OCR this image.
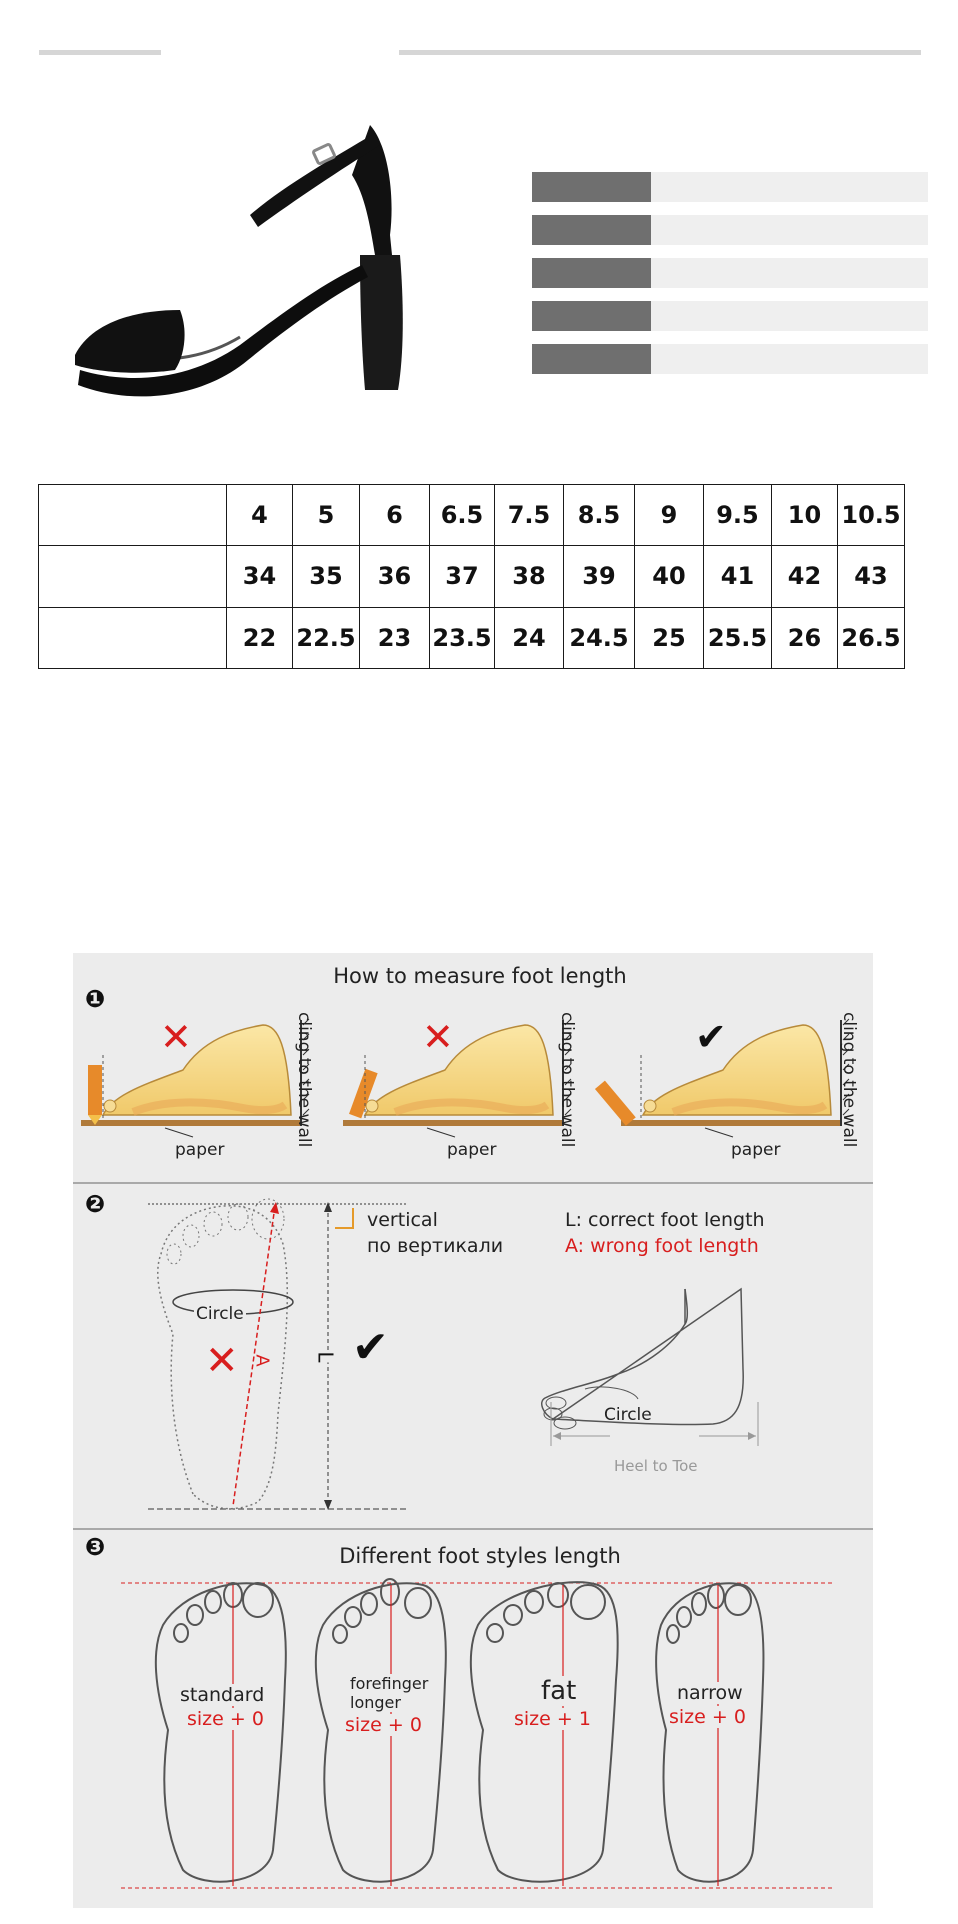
	4	5	6	6.5	7.5	8.5	9	9.5	10	10.5
	34	35	36	37	38	39	40	41	42	43
	22	22.5	23	23.5	24	24.5	25	25.5	26	26.5
❶
How to measure foot length
✕	✕	✔
paper	paper	paper
cling to the wall	cling to the wall	cling to the wall
❷
Circle
✕ A L ✔
vertical
по вертикали
L: correct foot length
A: wrong foot length
Circle
Heel to Toe
❸	Different foot styles length
standard
size + 0
forefinger
longer
size + 0
fat
size + 1
narrow
size + 0
